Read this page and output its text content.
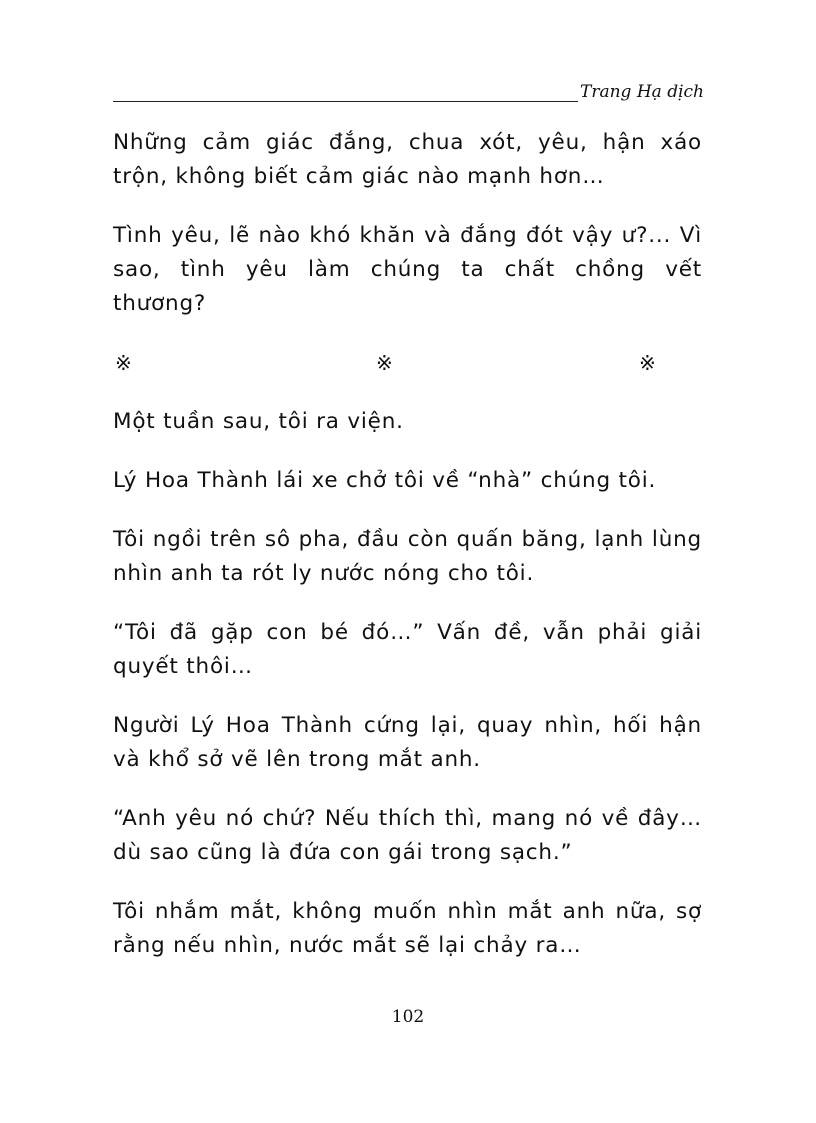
Trang Hạ dịch

Những cảm giác đắng, chua xót, yêu, hận xáo trộn, không biết cảm giác nào mạnh hơn…

Tình yêu, lẽ nào khó khăn và đắng đót vậy ư?... Vì sao, tình yêu làm chúng ta chất chồng vết thương?

※	※	※

Một tuần sau, tôi ra viện.

Lý Hoa Thành lái xe chở tôi về “nhà” chúng tôi.

Tôi ngồi trên sô pha, đầu còn quấn băng, lạnh lùng nhìn anh ta rót ly nước nóng cho tôi.

“Tôi đã gặp con bé đó…” Vấn đề, vẫn phải giải quyết thôi…

Người Lý Hoa Thành cứng lại, quay nhìn, hối hận và khổ sở vẽ lên trong mắt anh.

“Anh yêu nó chứ? Nếu thích thì, mang nó về đây… dù sao cũng là đứa con gái trong sạch.”

Tôi nhắm mắt, không muốn nhìn mắt anh nữa, sợ rằng nếu nhìn, nước mắt sẽ lại chảy ra…

102
